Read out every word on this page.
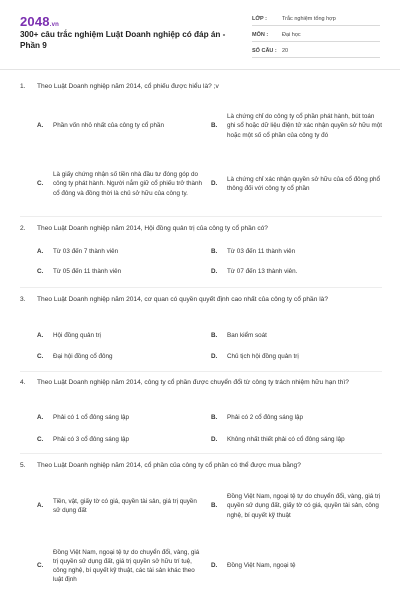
2048.vn
300+ câu trắc nghiệm Luật Doanh nghiệp có đáp án - Phần 9
LỚP :	Trắc nghiệm tổng hợp
MÔN :	Đại học
SỐ CÂU : 20
1.	Theo Luật Doanh nghiệp năm 2014, cổ phiếu được hiểu là? ;v
A.	Phần vốn nhỏ nhất của công ty cổ phần	B.
Là chứng chỉ do công ty cổ phần phát hành, bút toán ghi sổ hoặc dữ liệu điện tử xác nhận quyền sở hữu một hoặc một số cổ phần của công ty đó
C.
Là giấy chứng nhận số tiền nhà đầu tư đóng góp do công ty phát hành. Người nắm giữ cổ phiếu trở thành cổ đông và đồng thời là chủ sở hữu của công ty.
D.
Là chứng chỉ xác nhận quyền sở hữu của cổ đông phổ thông đối với công ty cổ phần
2.	Theo Luật Doanh nghiệp năm 2014, Hội đồng quản trị của công ty cổ phần có?
A.	Từ 03 đến 7 thành viên	B.	Từ 03 đến 11 thành viên
C.	Từ 05 đến 11 thành viên	D.	Từ 07 đến 13 thành viên.
3.	Theo Luật Doanh nghiệp năm 2014, cơ quan có quyền quyết định cao nhất của công ty cổ phần là?
A.	Hội đồng quản trị	B.	Ban kiểm soát
C.	Đại hội đồng cổ đông	D.	Chủ tịch hội đồng quản trị
4.	Theo Luật Doanh nghiệp năm 2014, công ty cổ phần được chuyển đổi từ công ty trách nhiệm hữu hạn thì?
A.	Phải có 1 cổ đông sáng lập	B.	Phải có 2 cổ đông sáng lập
C.	Phải có 3 cổ đông sáng lập	D.	Không nhất thiết phải có cổ đông sáng lập
5.	Theo Luật Doanh nghiệp năm 2014, cổ phần của công ty cổ phần có thể được mua bằng?
A.
Tiền, vật, giấy tờ có giá, quyền tài sản, giá trị quyền sử dụng đất
B.
Đồng Việt Nam, ngoại tệ tự do chuyển đổi, vàng, giá trị quyền sử dụng đất, giấy tờ có giá, quyền tài sản, công nghệ, bí quyết kỹ thuật
C.
Đồng Việt Nam, ngoại tệ tự do chuyển đổi, vàng, giá trị quyền sử dụng đất, giá trị quyền sở hữu trí tuệ, công nghệ, bí quyết kỹ thuật, các tài sản khác theo luật định
D.	Đồng Việt Nam, ngoại tệ
